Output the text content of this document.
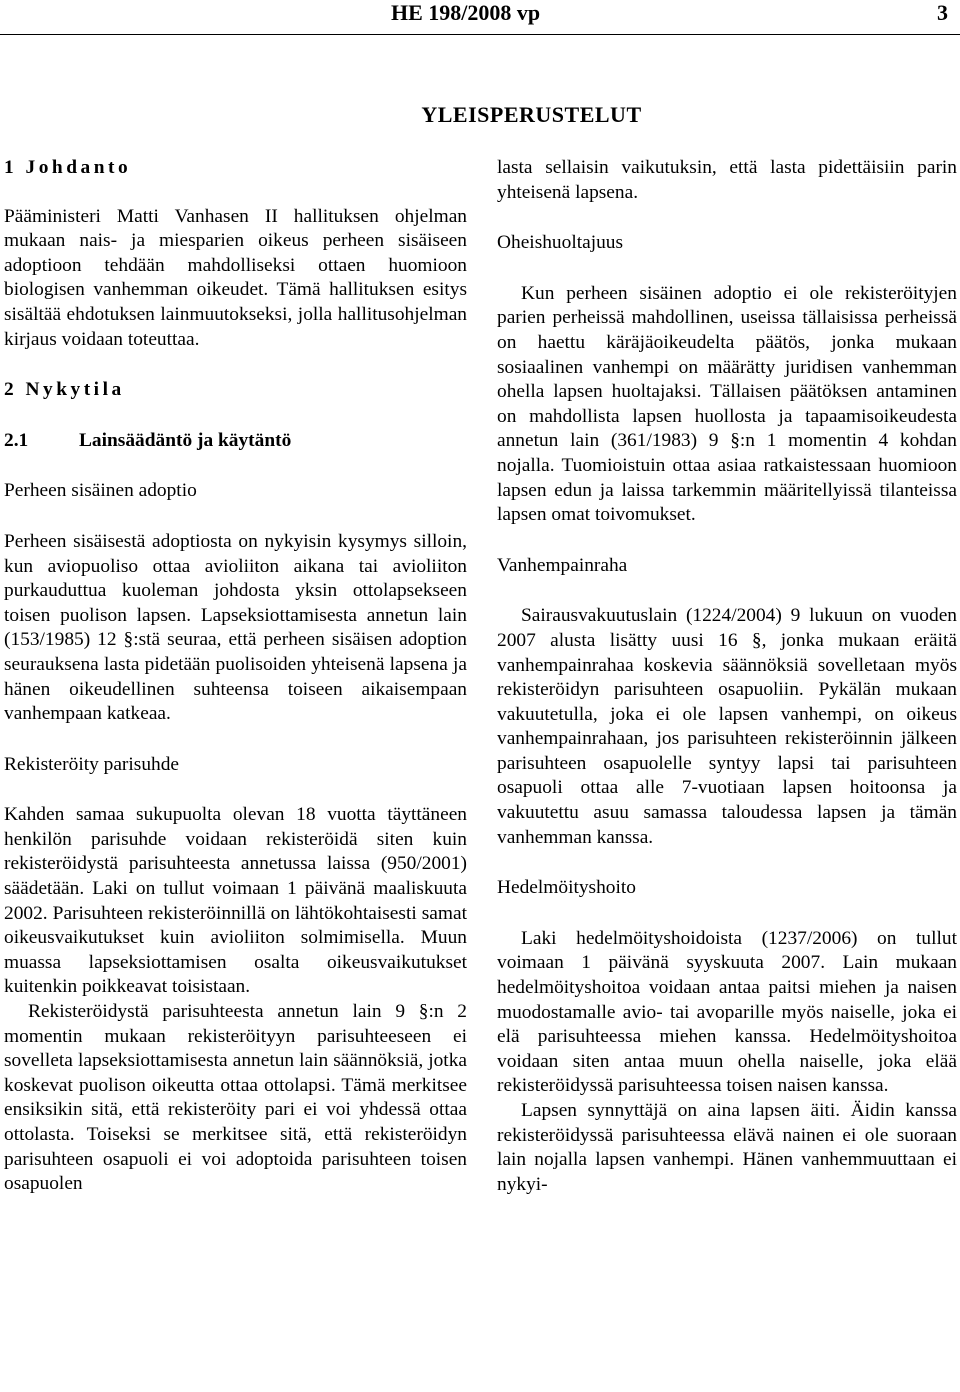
HE 198/2008 vp	3
YLEISPERUSTELUT

1 Johdanto

Pääministeri Matti Vanhasen II hallituksen ohjelman mukaan nais- ja miesparien oikeus perheen sisäiseen adoptioon tehdään mahdolliseksi ottaen huomioon biologisen vanhemman oikeudet. Tämä hallituksen esitys sisältää ehdotuksen lainmuutokseksi, jolla hallitusohjelman kirjaus voidaan toteuttaa.

2 Nykytila

2.1	Lainsäädäntö ja käytäntö

Perheen sisäinen adoptio

Perheen sisäisestä adoptiosta on nykyisin kysymys silloin, kun aviopuoliso ottaa avioliiton aikana tai avioliiton purkauduttua kuoleman johdosta yksin ottolapsekseen toisen puolison lapsen. Lapseksiottamisesta annetun lain (153/1985) 12 §:stä seuraa, että perheen sisäisen adoption seurauksena lasta pidetään puolisoiden yhteisenä lapsena ja hänen oikeudellinen suhteensa toiseen aikaisempaan vanhempaan katkeaa.

Rekisteröity parisuhde

Kahden samaa sukupuolta olevan 18 vuotta täyttäneen henkilön parisuhde voidaan rekisteröidä siten kuin rekisteröidystä parisuhteesta annetussa laissa (950/2001) säädetään. Laki on tullut voimaan 1 päivänä maaliskuuta 2002. Parisuhteen rekisteröinnillä on lähtökohtaisesti samat oikeusvaikutukset kuin avioliiton solmimisella. Muun muassa lapseksiottamisen osalta oikeusvaikutukset kuitenkin poikkeavat toisistaan.

Rekisteröidystä parisuhteesta annetun lain 9 §:n 2 momentin mukaan rekisteröityyn parisuhteeseen ei sovelleta lapseksiottamisesta annetun lain säännöksiä, jotka koskevat puolison oikeutta ottaa ottolapsi. Tämä merkitsee ensiksikin sitä, että rekisteröity pari ei voi yhdessä ottaa ottolasta. Toiseksi se merkitsee sitä, että rekisteröidyn parisuhteen osapuoli ei voi adoptoida parisuhteen toisen osapuolen

lasta sellaisin vaikutuksin, että lasta pidettäisiin parin yhteisenä lapsena.

Oheishuoltajuus

Kun perheen sisäinen adoptio ei ole rekisteröityjen parien perheissä mahdollinen, useissa tällaisissa perheissä on haettu käräjäoikeudelta päätös, jonka mukaan sosiaalinen vanhempi on määrätty juridisen vanhemman ohella lapsen huoltajaksi. Tällaisen päätöksen antaminen on mahdollista lapsen huollosta ja tapaamisoikeudesta annetun lain (361/1983) 9 §:n 1 momentin 4 kohdan nojalla. Tuomioistuin ottaa asiaa ratkaistessaan huomioon lapsen edun ja laissa tarkemmin määritellyissä tilanteissa lapsen omat toivomukset.

Vanhempainraha

Sairausvakuutuslain (1224/2004) 9 lukuun on vuoden 2007 alusta lisätty uusi 16 §, jonka mukaan eräitä vanhempainrahaa koskevia säännöksiä sovelletaan myös rekisteröidyn parisuhteen osapuoliin. Pykälän mukaan vakuutetulla, joka ei ole lapsen vanhempi, on oikeus vanhempainrahaan, jos parisuhteen rekisteröinnin jälkeen parisuhteen osapuolelle syntyy lapsi tai parisuhteen osapuoli ottaa alle 7-vuotiaan lapsen hoitoonsa ja vakuutettu asuu samassa taloudessa lapsen ja tämän vanhemman kanssa.

Hedelmöityshoito

Laki hedelmöityshoidoista (1237/2006) on tullut voimaan 1 päivänä syyskuuta 2007. Lain mukaan hedelmöityshoitoa voidaan antaa paitsi miehen ja naisen muodostamalle avio- tai avoparille myös naiselle, joka ei elä parisuhteessa miehen kanssa. Hedelmöityshoitoa voidaan siten antaa muun ohella naiselle, joka elää rekisteröidyssä parisuhteessa toisen naisen kanssa.

Lapsen synnyttäjä on aina lapsen äiti. Äidin kanssa rekisteröidyssä parisuhteessa elävä nainen ei ole suoraan lain nojalla lapsen vanhempi. Hänen vanhemmuuttaan ei nykyi-
